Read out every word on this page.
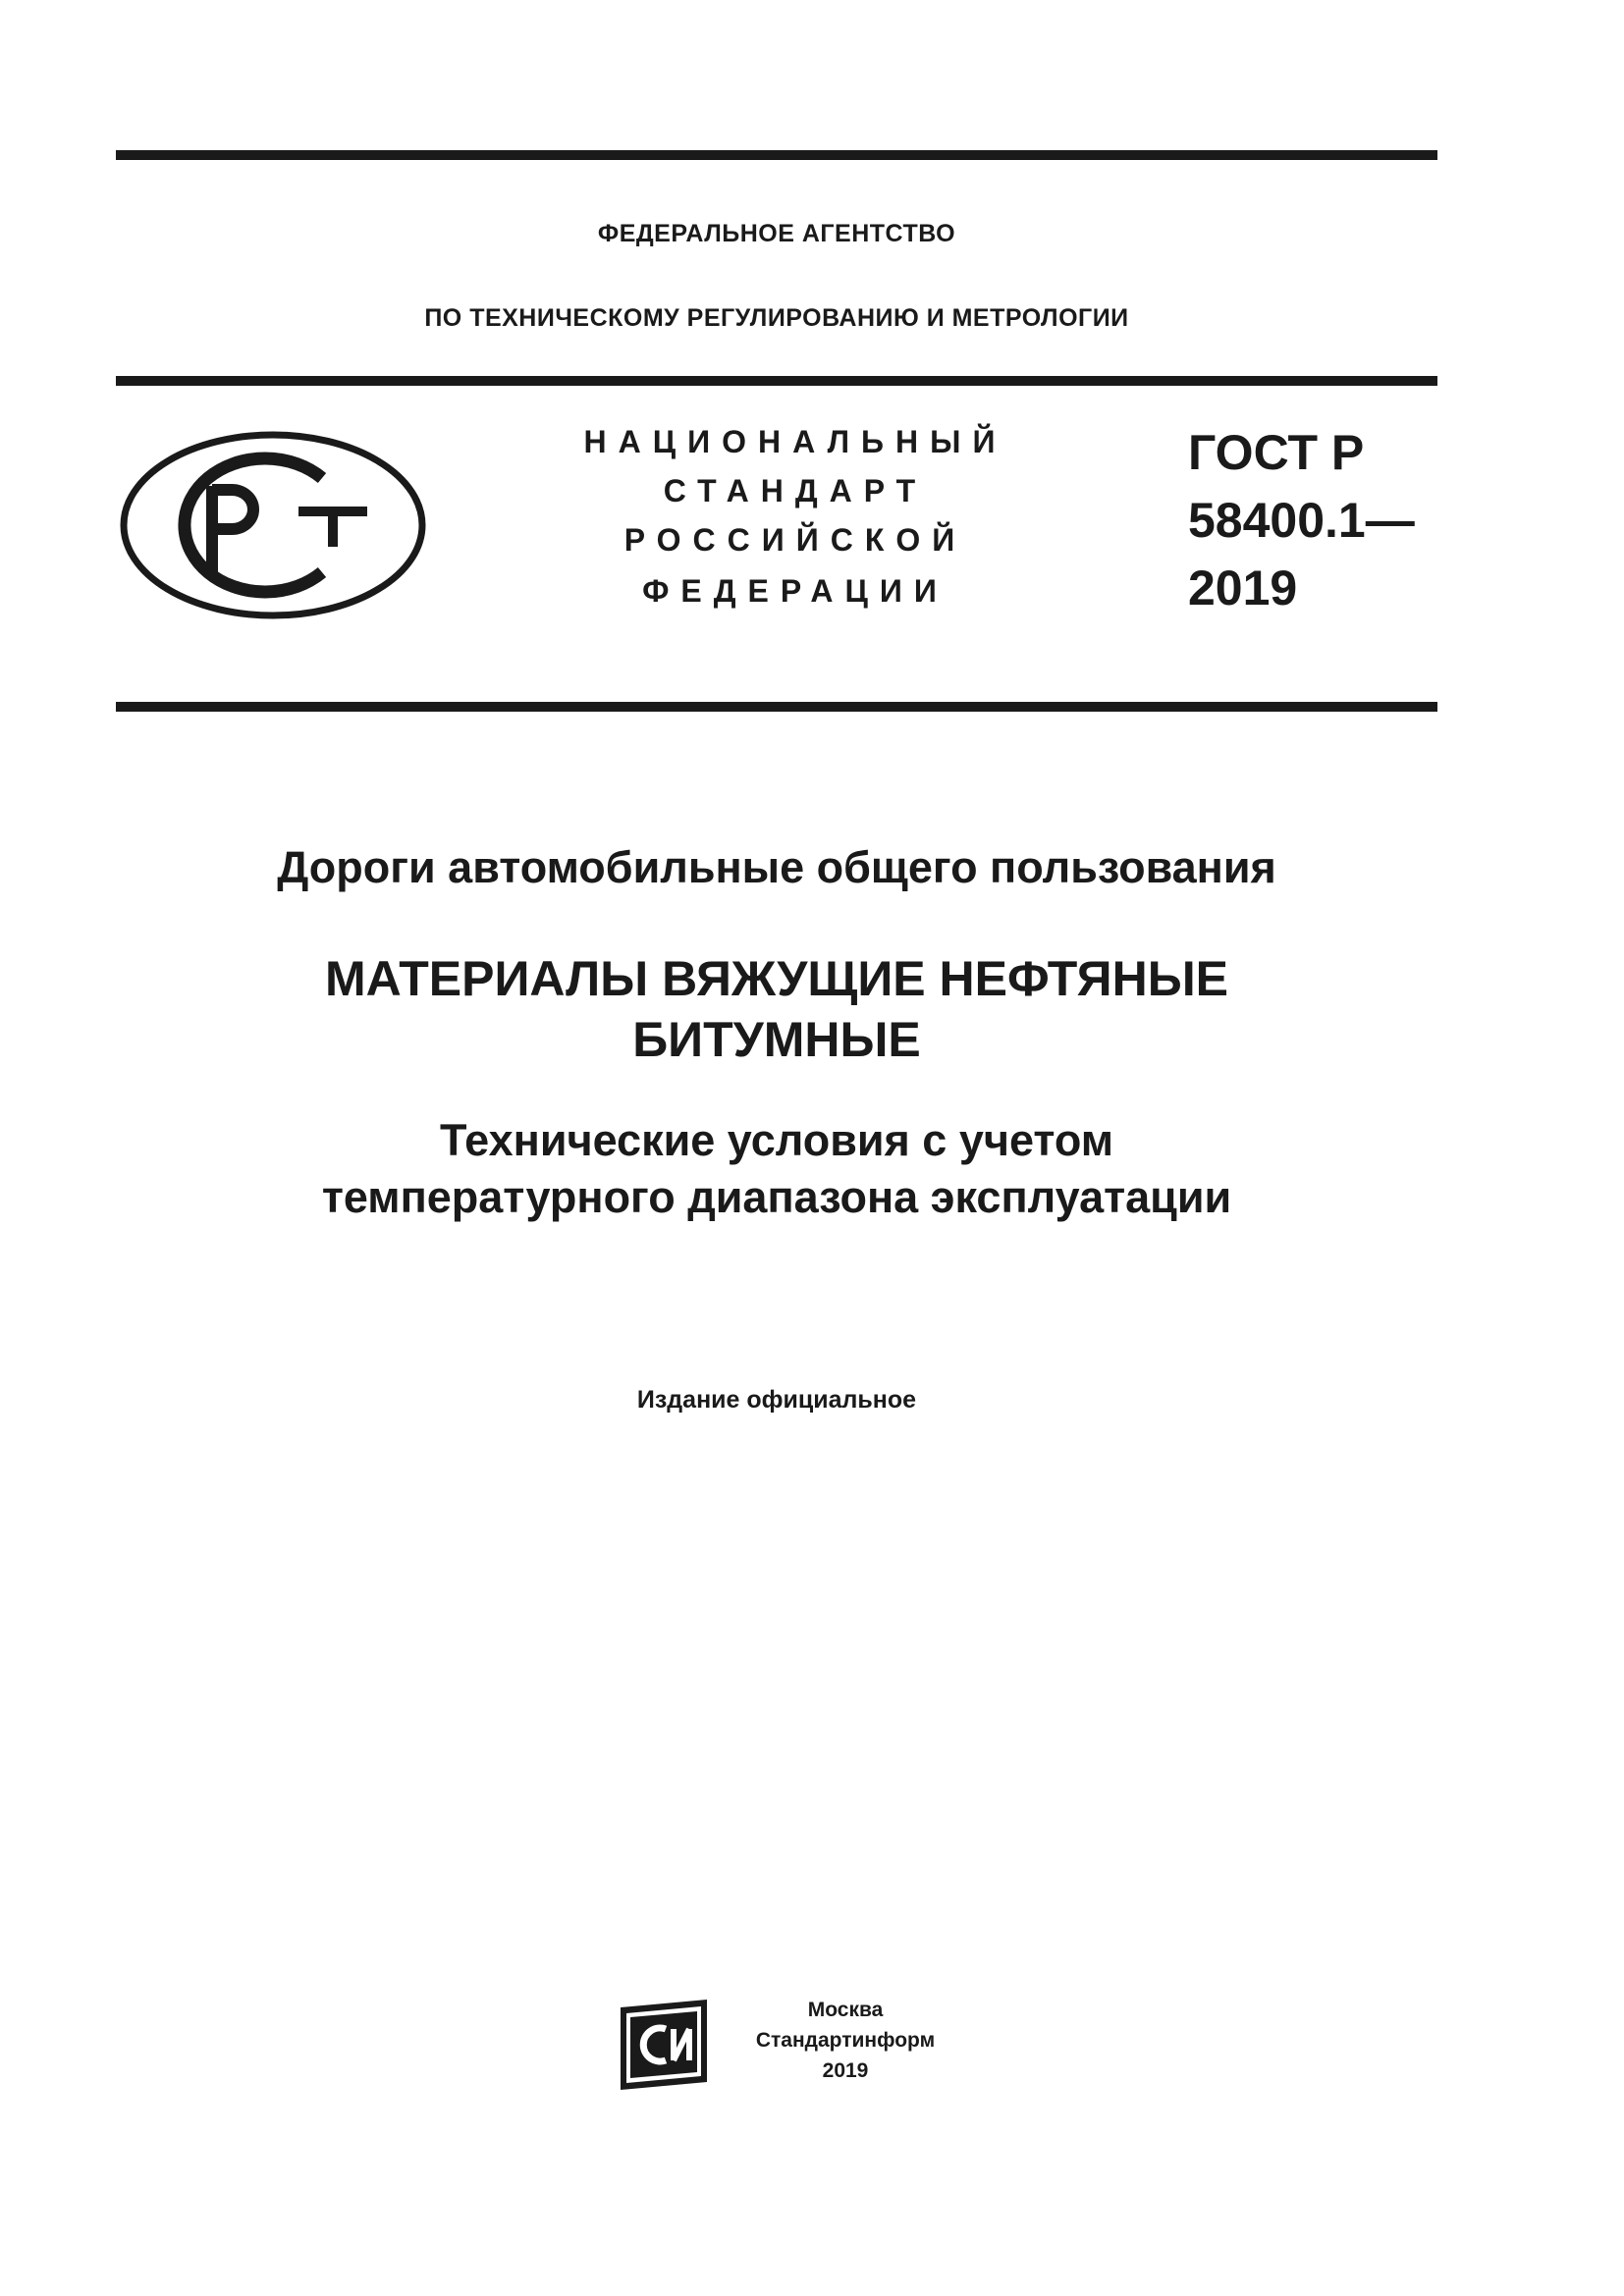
ФЕДЕРАЛЬНОЕ АГЕНТСТВО
ПО ТЕХНИЧЕСКОМУ РЕГУЛИРОВАНИЮ И МЕТРОЛОГИИ
НАЦИОНАЛЬНЫЙ
СТАНДАРТ
РОССИЙСКОЙ
ФЕДЕРАЦИИ
ГОСТ Р
58400.1—
2019
Дороги автомобильные общего пользования
МАТЕРИАЛЫ ВЯЖУЩИЕ НЕФТЯНЫЕ
БИТУМНЫЕ
Технические условия с учетом
температурного диапазона эксплуатации
Издание официальное
Москва
Стандартинформ
2019
